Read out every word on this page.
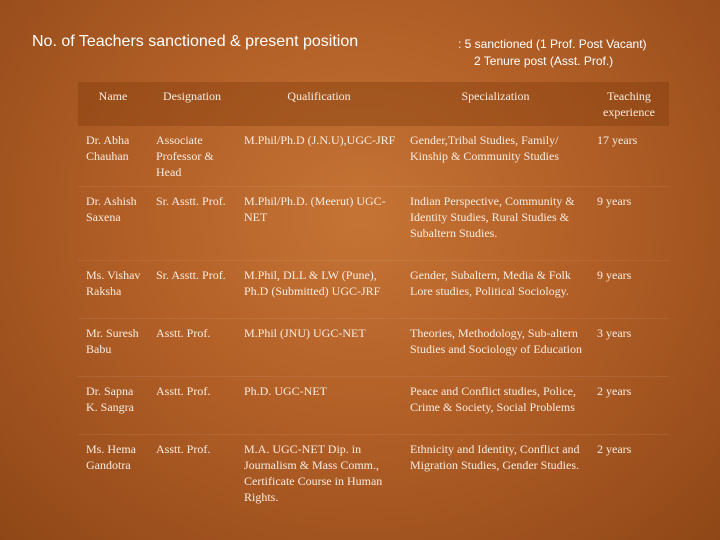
No. of Teachers sanctioned & present position	: 5 sanctioned (1 Prof. Post Vacant)
2 Tenure post (Asst. Prof.)
Name	Designation	Qualification	Specialization	Teaching experience
Dr. Abha Chauhan	Associate Professor & Head	M.Phil/Ph.D (J.N.U),UGC-JRF	Gender,Tribal Studies, Family/ Kinship & Community Studies	17 years
Dr. Ashish Saxena	Sr. Asstt. Prof.	M.Phil/Ph.D. (Meerut) UGC-NET	Indian Perspective, Community & Identity Studies, Rural Studies & Subaltern Studies.	9 years
Ms. Vishav Raksha	Sr. Asstt. Prof.	M.Phil, DLL & LW (Pune), Ph.D (Submitted) UGC-JRF	Gender, Subaltern, Media & Folk Lore studies, Political Sociology.	9 years
Mr. Suresh Babu	Asstt. Prof.	M.Phil (JNU) UGC-NET	Theories, Methodology, Sub-altern Studies and Sociology of Education	3 years
Dr. Sapna K. Sangra	Asstt. Prof.	Ph.D. UGC-NET	Peace and Conflict studies, Police, Crime & Society, Social Problems	2 years
Ms. Hema Gandotra	Asstt. Prof.	M.A. UGC-NET Dip. in Journalism & Mass Comm., Certificate Course in Human Rights.	Ethnicity and Identity, Conflict and Migration Studies, Gender Studies.	2 years
